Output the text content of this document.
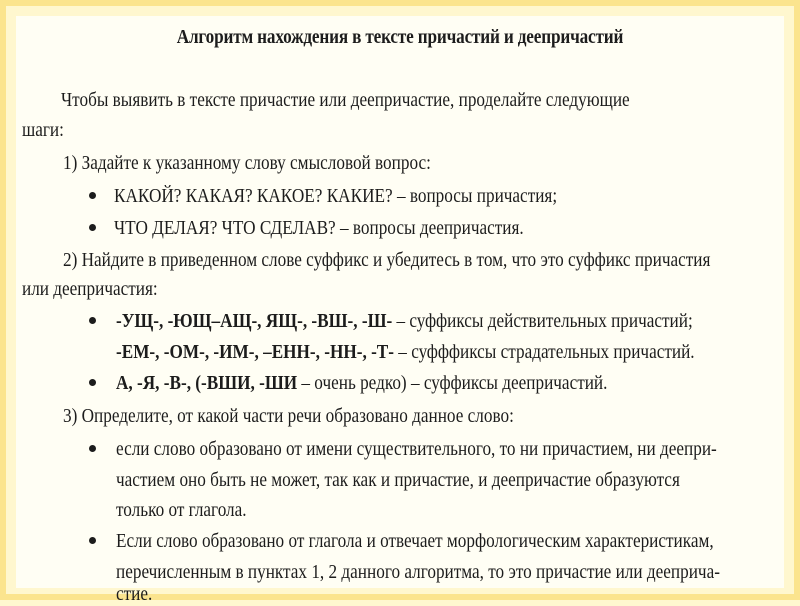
Алгоритм нахождения в тексте причастий и деепричастий
Чтобы выявить в тексте причастие или деепричастие, проделайте следующие
шаги:
1) Задайте к указанному слову смысловой вопрос:
КАКОЙ? КАКАЯ? КАКОЕ? КАКИЕ? – вопросы причастия;
ЧТО ДЕЛАЯ? ЧТО СДЕЛАВ? – вопросы деепричастия.
2) Найдите в приведенном слове суффикс и убедитесь в том, что это суффикс причастия
или деепричастия:
-УЩ-, -ЮЩ–АЩ-, ЯЩ-, -ВШ-, -Ш- – суффиксы действительных причастий;
-ЕМ-, -ОМ-, -ИМ-, –ЕНН-, -НН-, -Т- – суфффиксы страдательных причастий.
А, -Я, -В-, (-ВШИ, -ШИ – очень редко) – суффиксы деепричастий.
3) Определите, от какой части речи образовано данное слово:
если слово образовано от имени существительного, то ни причастием, ни деепри-
частием оно быть не может, так как и причастие, и деепричастие образуются
только от глагола.
Если слово образовано от глагола и отвечает морфологическим характеристикам,
перечисленным в пунктах 1, 2 данного алгоритма, то это причастие или дееприча-
стие.
